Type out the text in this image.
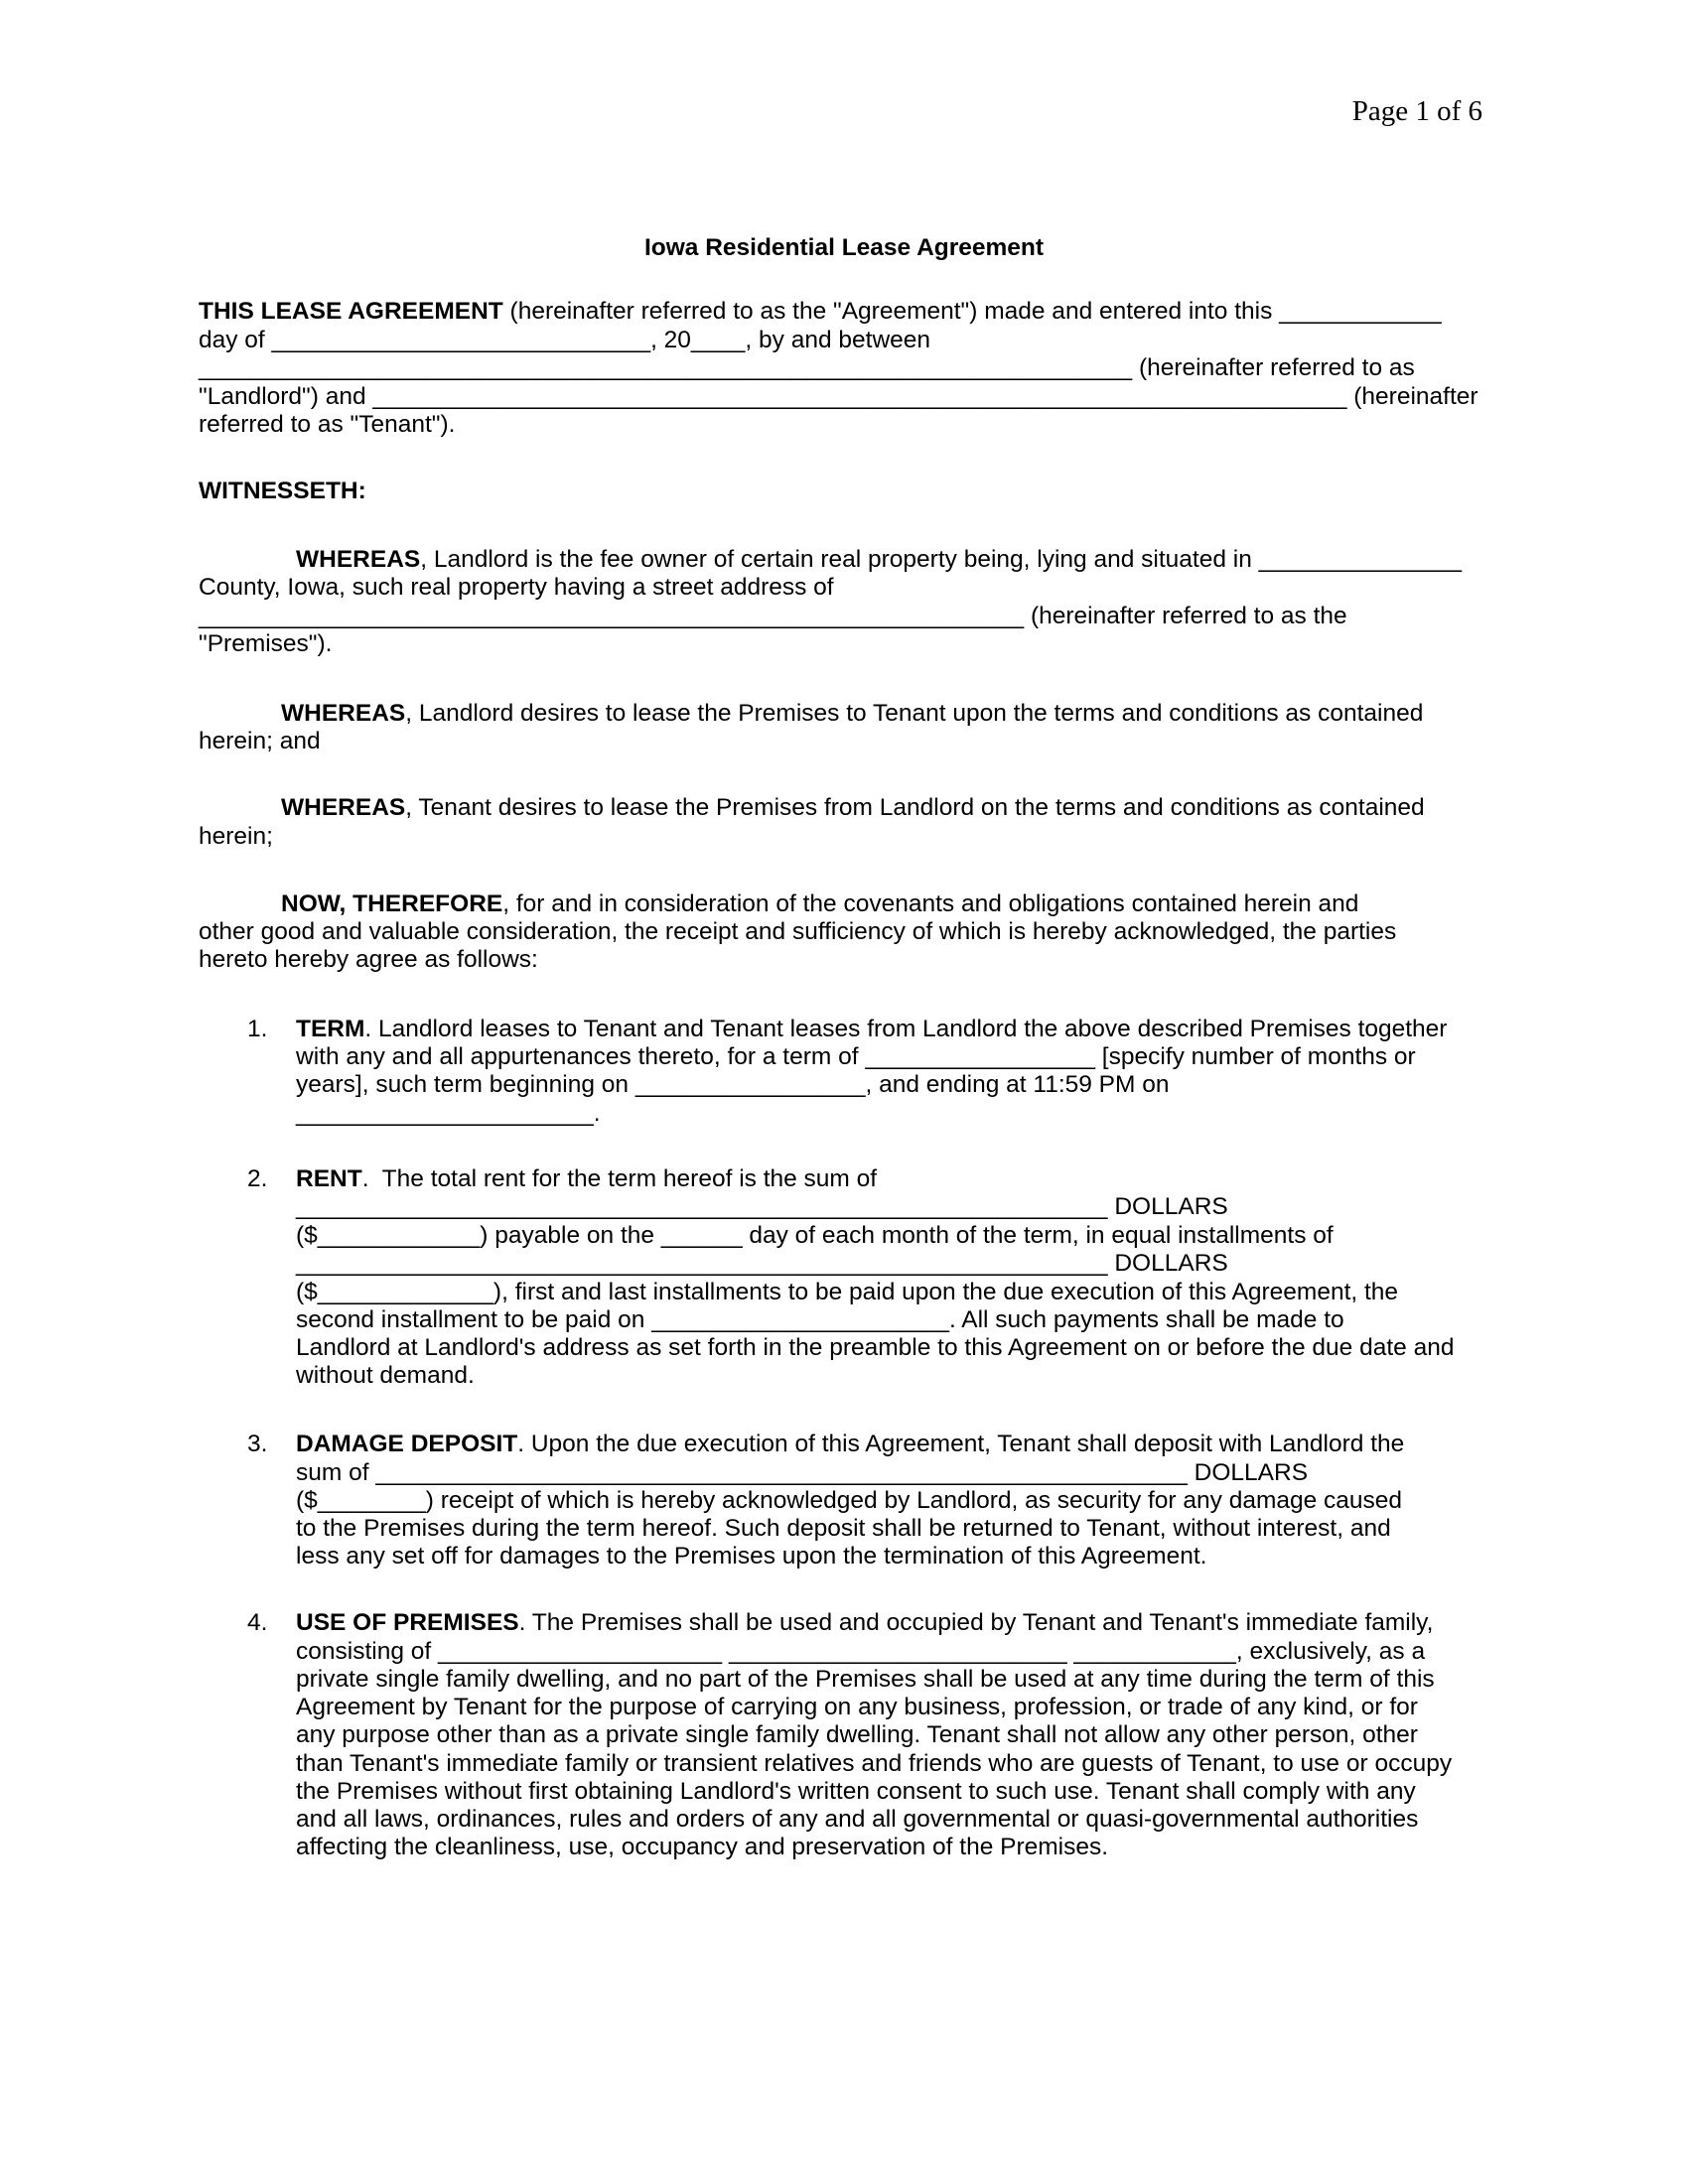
Page 1 of 6
Iowa Residential Lease Agreement
THIS LEASE AGREEMENT (hereinafter referred to as the "Agreement") made and entered into this ____________
day of ____________________________, 20____, by and between
_____________________________________________________________________ (hereinafter referred to as
"Landlord") and ________________________________________________________________________ (hereinafter
referred to as "Tenant").
WITNESSETH:
WHEREAS, Landlord is the fee owner of certain real property being, lying and situated in _______________
County, Iowa, such real property having a street address of
_____________________________________________________________ (hereinafter referred to as the
"Premises").
WHEREAS, Landlord desires to lease the Premises to Tenant upon the terms and conditions as contained
herein; and
WHEREAS, Tenant desires to lease the Premises from Landlord on the terms and conditions as contained
herein;
NOW, THEREFORE, for and in consideration of the covenants and obligations contained herein and
other good and valuable consideration, the receipt and sufficiency of which is hereby acknowledged, the parties
hereto hereby agree as follows:
1. TERM. Landlord leases to Tenant and Tenant leases from Landlord the above described Premises together
with any and all appurtenances thereto, for a term of _________________ [specify number of months or
years], such term beginning on _________________, and ending at 11:59 PM on
______________________.
2. RENT.  The total rent for the term hereof is the sum of
____________________________________________________________ DOLLARS
($____________) payable on the ______ day of each month of the term, in equal installments of
____________________________________________________________ DOLLARS
($_____________), first and last installments to be paid upon the due execution of this Agreement, the
second installment to be paid on ______________________. All such payments shall be made to
Landlord at Landlord's address as set forth in the preamble to this Agreement on or before the due date and
without demand.
3. DAMAGE DEPOSIT. Upon the due execution of this Agreement, Tenant shall deposit with Landlord the
sum of ____________________________________________________________ DOLLARS
($________) receipt of which is hereby acknowledged by Landlord, as security for any damage caused
to the Premises during the term hereof. Such deposit shall be returned to Tenant, without interest, and
less any set off for damages to the Premises upon the termination of this Agreement.
4. USE OF PREMISES. The Premises shall be used and occupied by Tenant and Tenant's immediate family,
consisting of _____________________ _________________________ ____________, exclusively, as a
private single family dwelling, and no part of the Premises shall be used at any time during the term of this
Agreement by Tenant for the purpose of carrying on any business, profession, or trade of any kind, or for
any purpose other than as a private single family dwelling. Tenant shall not allow any other person, other
than Tenant's immediate family or transient relatives and friends who are guests of Tenant, to use or occupy
the Premises without first obtaining Landlord's written consent to such use. Tenant shall comply with any
and all laws, ordinances, rules and orders of any and all governmental or quasi-governmental authorities
affecting the cleanliness, use, occupancy and preservation of the Premises.
